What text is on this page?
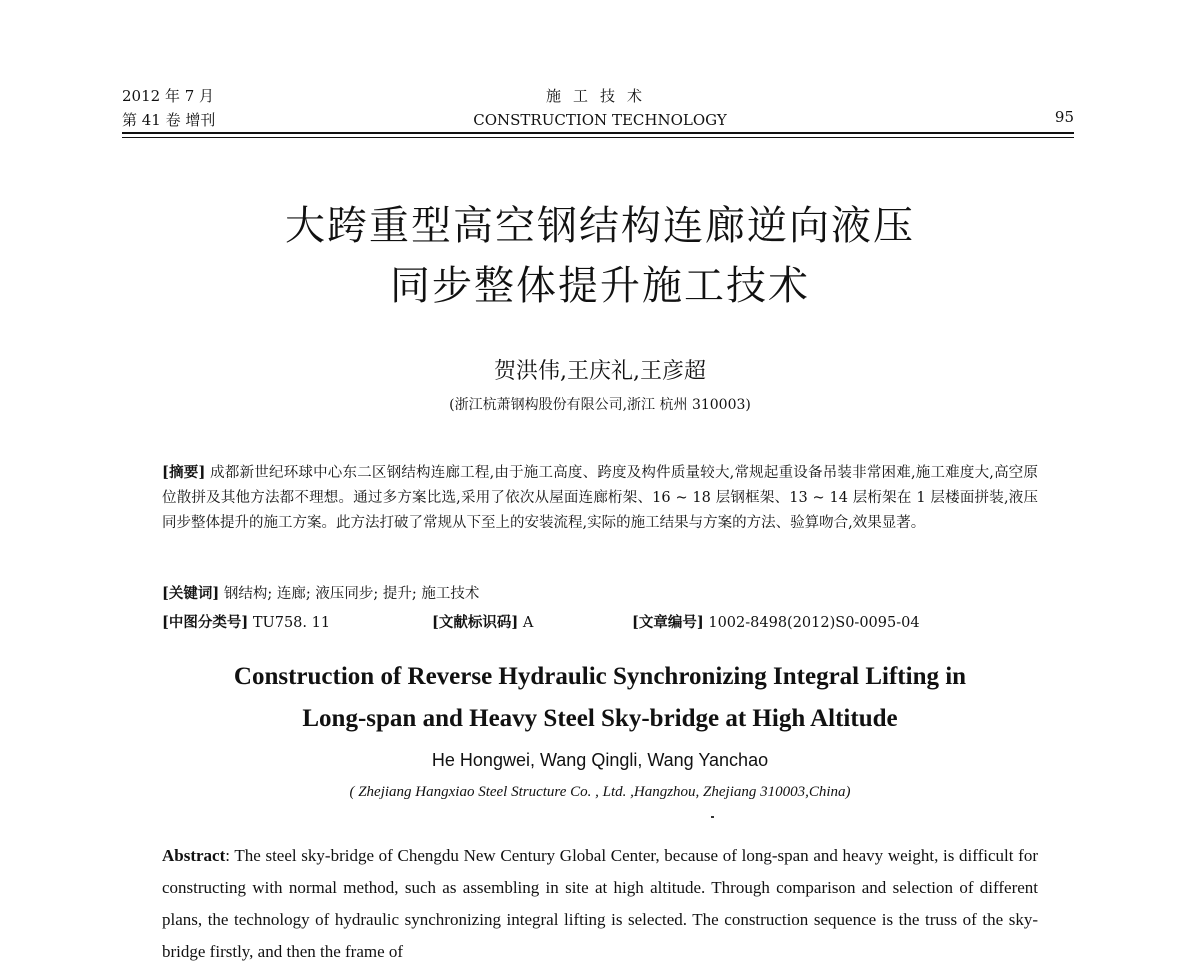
2012 年 7 月
第 41 卷 增刊
施工技术
CONSTRUCTION TECHNOLOGY	95
大跨重型高空钢结构连廊逆向液压
同步整体提升施工技术
贺洪伟,王庆礼,王彦超
(浙江杭萧钢构股份有限公司,浙江 杭州 310003)
[摘要] 成都新世纪环球中心东二区钢结构连廊工程,由于施工高度、跨度及构件质量较大,常规起重设备吊装非常困难,施工难度大,高空原位散拼及其他方法都不理想。通过多方案比选,采用了依次从屋面连廊桁架、16 ~ 18 层钢框架、13 ~ 14 层桁架在 1 层楼面拼装,液压同步整体提升的施工方案。此方法打破了常规从下至上的安装流程,实际的施工结果与方案的方法、验算吻合,效果显著。
[关键词] 钢结构; 连廊; 液压同步; 提升; 施工技术
[中图分类号] TU758. 11	[文献标识码] A	[文章编号] 1002-8498(2012)S0-0095-04
Construction of Reverse Hydraulic Synchronizing Integral Lifting in
Long-span and Heavy Steel Sky-bridge at High Altitude
He Hongwei, Wang Qingli, Wang Yanchao
( Zhejiang Hangxiao Steel Structure Co. , Ltd. ,Hangzhou, Zhejiang 310003,China)
Abstract: The steel sky-bridge of Chengdu New Century Global Center, because of long-span and heavy weight, is difficult for constructing with normal method, such as assembling in site at high altitude. Through comparison and selection of different plans, the technology of hydraulic synchronizing integral lifting is selected. The construction sequence is the truss of the sky-bridge firstly, and then the frame of
